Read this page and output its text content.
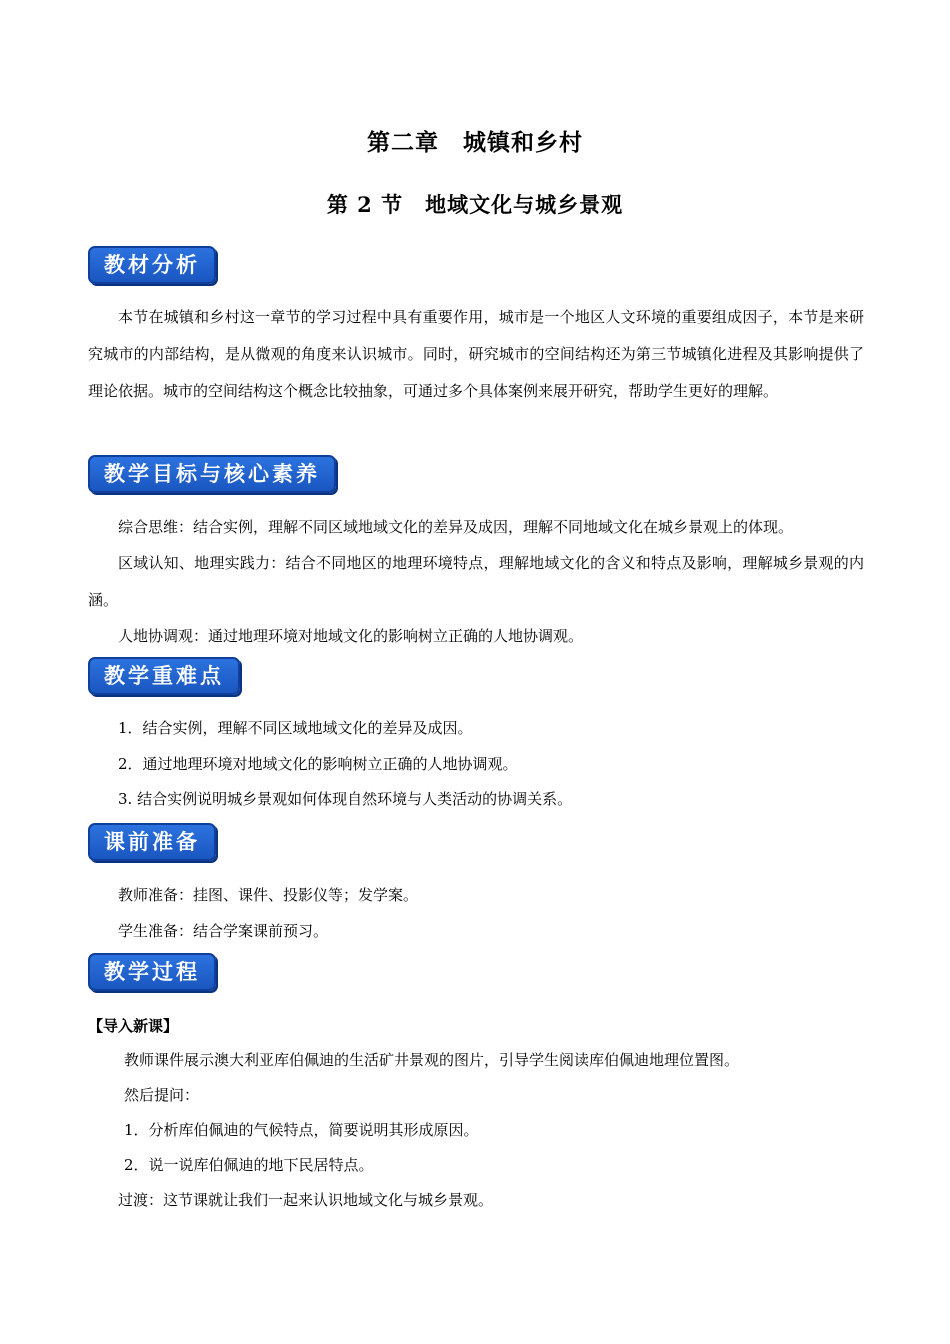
第二章　城镇和乡村
第 2 节　地域文化与城乡景观
教材分析
本节在城镇和乡村这一章节的学习过程中具有重要作用，城市是一个地区人文环境的重要组成因子，本节是来研究城市的内部结构，是从微观的角度来认识城市。同时，研究城市的空间结构还为第三节城镇化进程及其影响提供了理论依据。城市的空间结构这个概念比较抽象，可通过多个具体案例来展开研究，帮助学生更好的理解。
教学目标与核心素养
综合思维：结合实例，理解不同区域地域文化的差异及成因，理解不同地域文化在城乡景观上的体现。
区域认知、地理实践力：结合不同地区的地理环境特点，理解地域文化的含义和特点及影响，理解城乡景观的内涵。
人地协调观：通过地理环境对地域文化的影响树立正确的人地协调观。
教学重难点
1．结合实例，理解不同区域地域文化的差异及成因。
2．通过地理环境对地域文化的影响树立正确的人地协调观。
3. 结合实例说明城乡景观如何体现自然环境与人类活动的协调关系。
课前准备
教师准备：挂图、课件、投影仪等；发学案。
学生准备：结合学案课前预习。
教学过程
【导入新课】
教师课件展示澳大利亚库伯佩迪的生活矿井景观的图片，引导学生阅读库伯佩迪地理位置图。
然后提问：
1．分析库伯佩迪的气候特点，简要说明其形成原因。
2．说一说库伯佩迪的地下民居特点。
过渡：这节课就让我们一起来认识地域文化与城乡景观。
